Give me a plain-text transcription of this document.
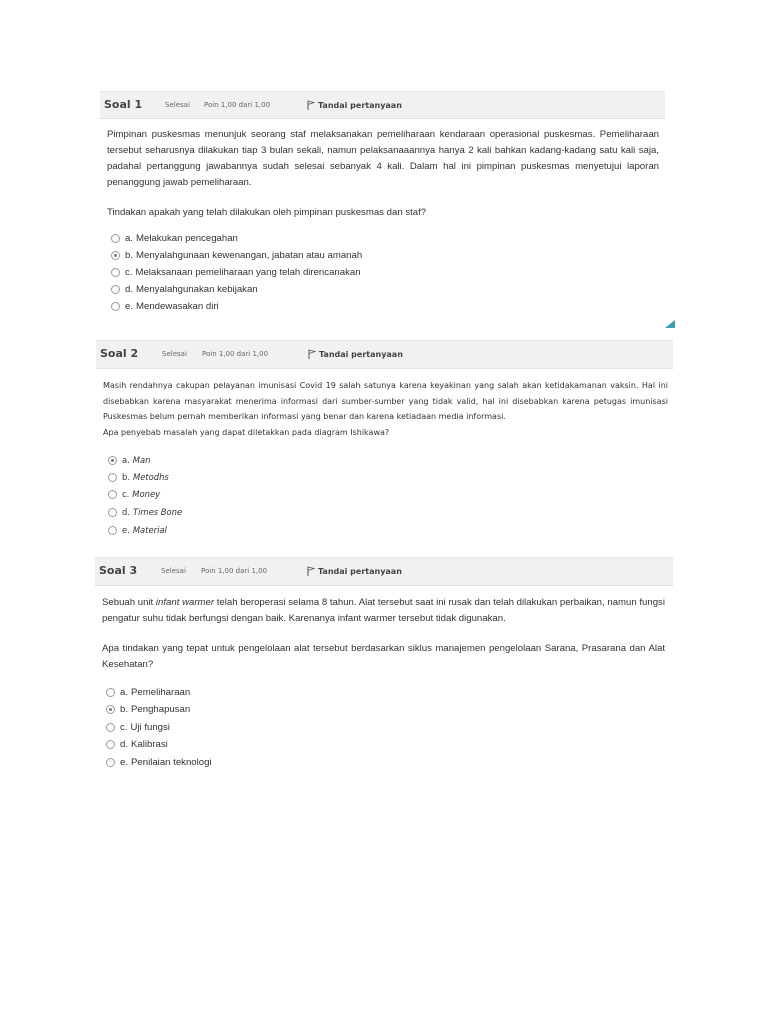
Soal 1	Selesai Poin 1,00 dari 1,00	Tandai pertanyaan

Pimpinan puskesmas menunjuk seorang staf melaksanakan pemeliharaan kendaraan operasional puskesmas. Pemeliharaan tersebut seharusnya dilakukan tiap 3 bulan sekali, namun pelaksanaaannya hanya 2 kali bahkan kadang-kadang satu kali saja, padahal pertanggung jawabannya sudah selesai sebanyak 4 kali. Dalam hal ini pimpinan puskesmas menyetujui laporan penanggung jawab pemeliharaan.

Tindakan apakah yang telah dilakukan oleh pimpinan puskesmas dan staf?

a. Melakukan pencegahan
b. Menyalahgunaan kewenangan, jabatan atau amanah
c. Melaksanaan pemeliharaan yang telah direncanakan
d. Menyalahgunakan kebijakan
e. Mendewasakan diri
Soal 2	Selesai Poin 1,00 dari 1,00	Tandai pertanyaan

Masih rendahnya cakupan pelayanan imunisasi Covid 19 salah satunya karena keyakinan yang salah akan ketidakamanan vaksin. Hal ini disebabkan karena masyarakat menerima informasi dari sumber-sumber yang tidak valid, hal ini disebabkan karena petugas imunisasi Puskesmas belum pernah memberikan informasi yang benar dan karena ketiadaan media informasi.

Apa penyebab masalah yang dapat diletakkan pada diagram Ishikawa?

a. Man
b. Metodhs
c. Money
d. Times Bone
e. Material
Soal 3	Selesai Poin 1,00 dari 1,00	Tandai pertanyaan

Sebuah unit infant warmer telah beroperasi selama 8 tahun. Alat tersebut saat ini rusak dan telah dilakukan perbaikan, namun fungsi pengatur suhu tidak berfungsi dengan baik. Karenanya infant warmer tersebut tidak digunakan.

Apa tindakan yang tepat untuk pengelolaan alat tersebut berdasarkan siklus manajemen pengelolaan Sarana, Prasarana dan Alat Kesehatan?

a. Pemeliharaan
b. Penghapusan
c. Uji fungsi
d. Kalibrasi
e. Penilaian teknologi
